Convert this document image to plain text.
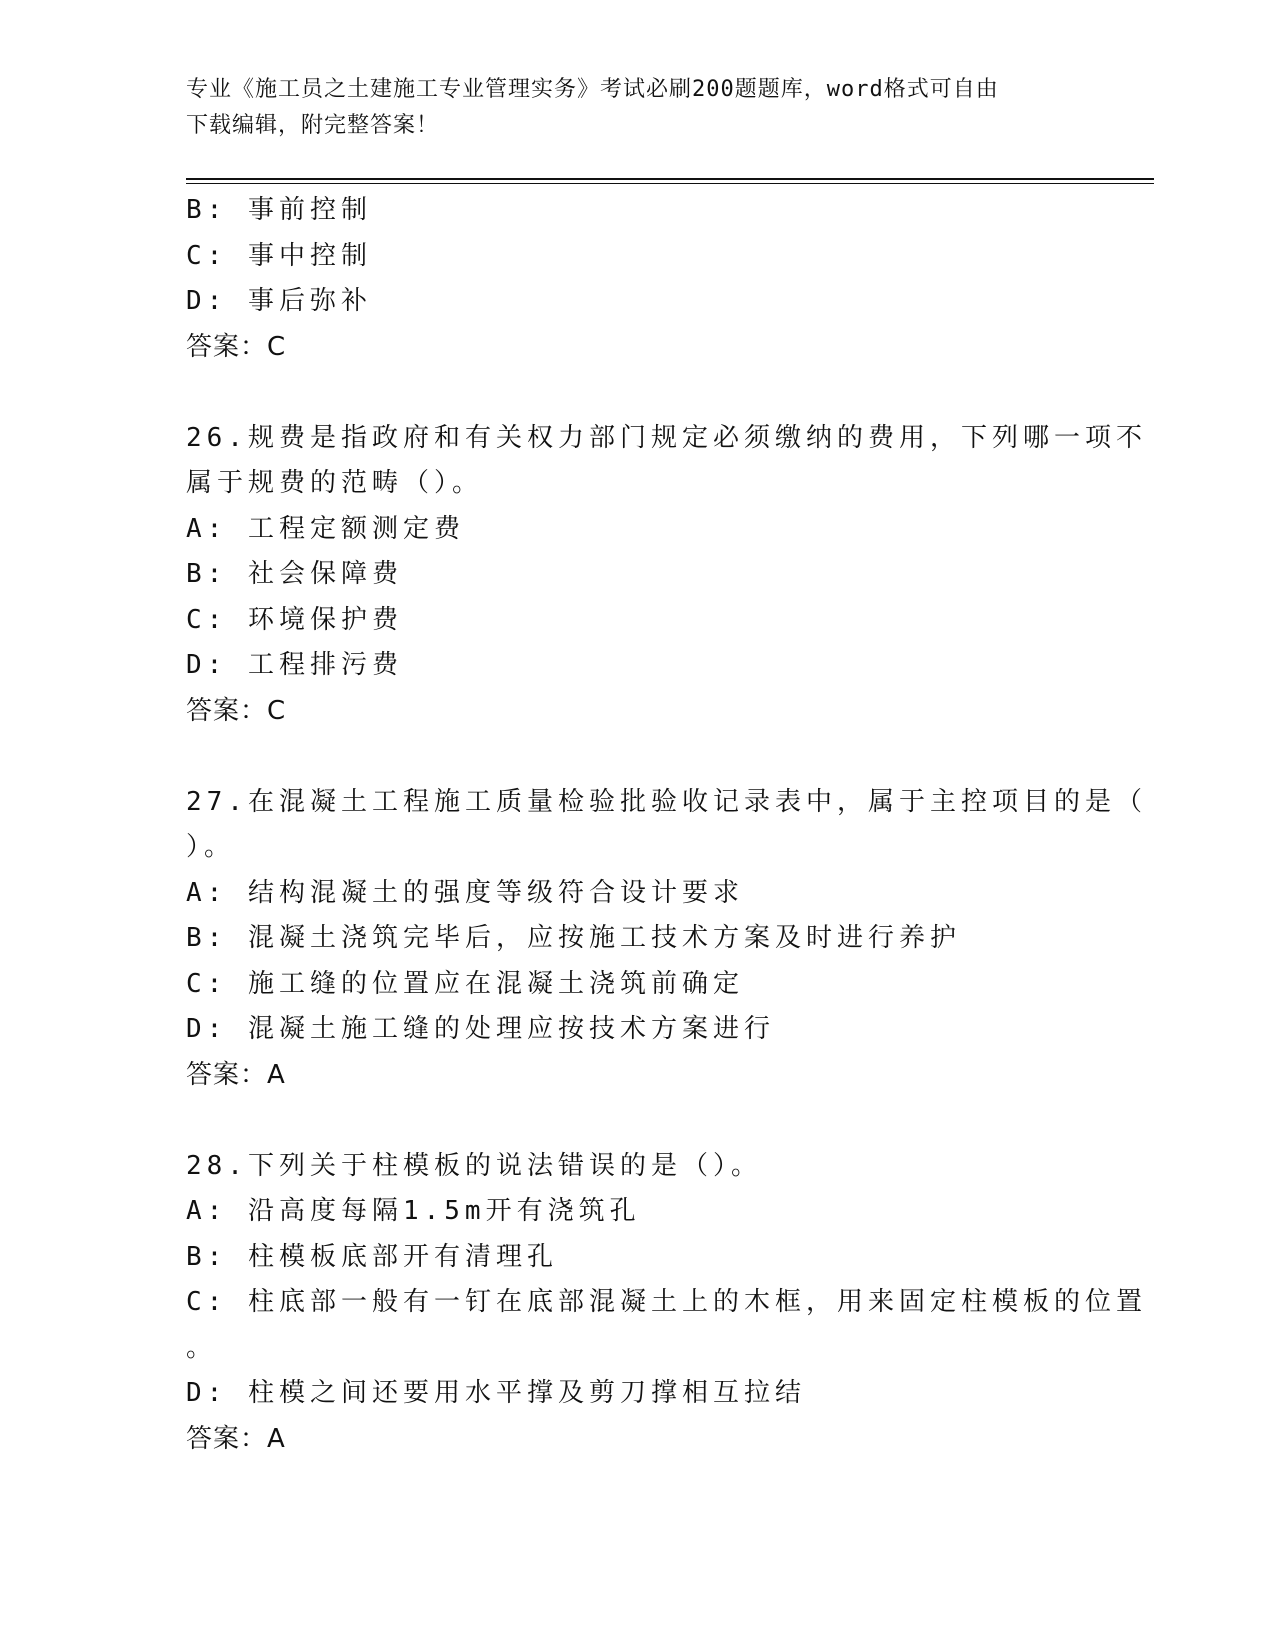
专业《施工员之土建施工专业管理实务》考试必刷200题题库，word格式可自由
下载编辑，附完整答案！
B: 事前控制
C: 事中控制
D: 事后弥补
答案：C
26.规费是指政府和有关权力部门规定必须缴纳的费用，下列哪一项不
属于规费的范畴（）。
A: 工程定额测定费
B: 社会保障费
C: 环境保护费
D: 工程排污费
答案：C
27.在混凝土工程施工质量检验批验收记录表中，属于主控项目的是（
）。
A: 结构混凝土的强度等级符合设计要求
B: 混凝土浇筑完毕后，应按施工技术方案及时进行养护
C: 施工缝的位置应在混凝土浇筑前确定
D: 混凝土施工缝的处理应按技术方案进行
答案：A
28.下列关于柱模板的说法错误的是（）。
A: 沿高度每隔1.5m开有浇筑孔
B: 柱模板底部开有清理孔
C: 柱底部一般有一钉在底部混凝土上的木框，用来固定柱模板的位置
。
D: 柱模之间还要用水平撑及剪刀撑相互拉结
答案：A
